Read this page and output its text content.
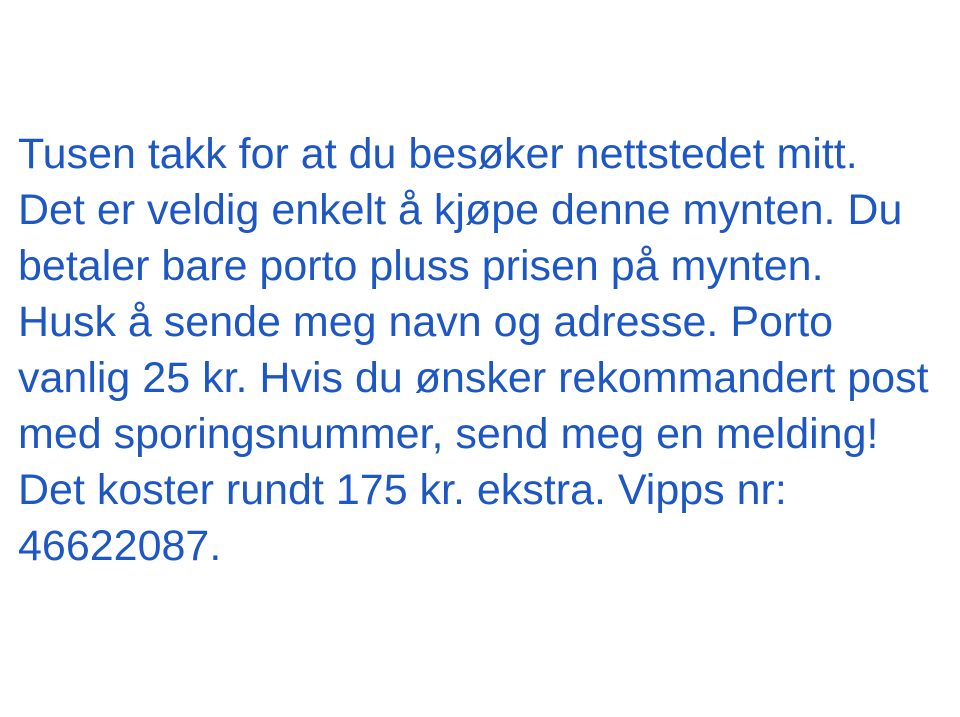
Tusen takk for at du besøker nettstedet mitt.
Det er veldig enkelt å kjøpe denne mynten. Du
betaler bare porto pluss prisen på mynten.
Husk å sende meg navn og adresse. Porto
vanlig 25 kr. Hvis du ønsker rekommandert post
med sporingsnummer, send meg en melding!
Det koster rundt 175 kr. ekstra. Vipps nr:
46622087.
